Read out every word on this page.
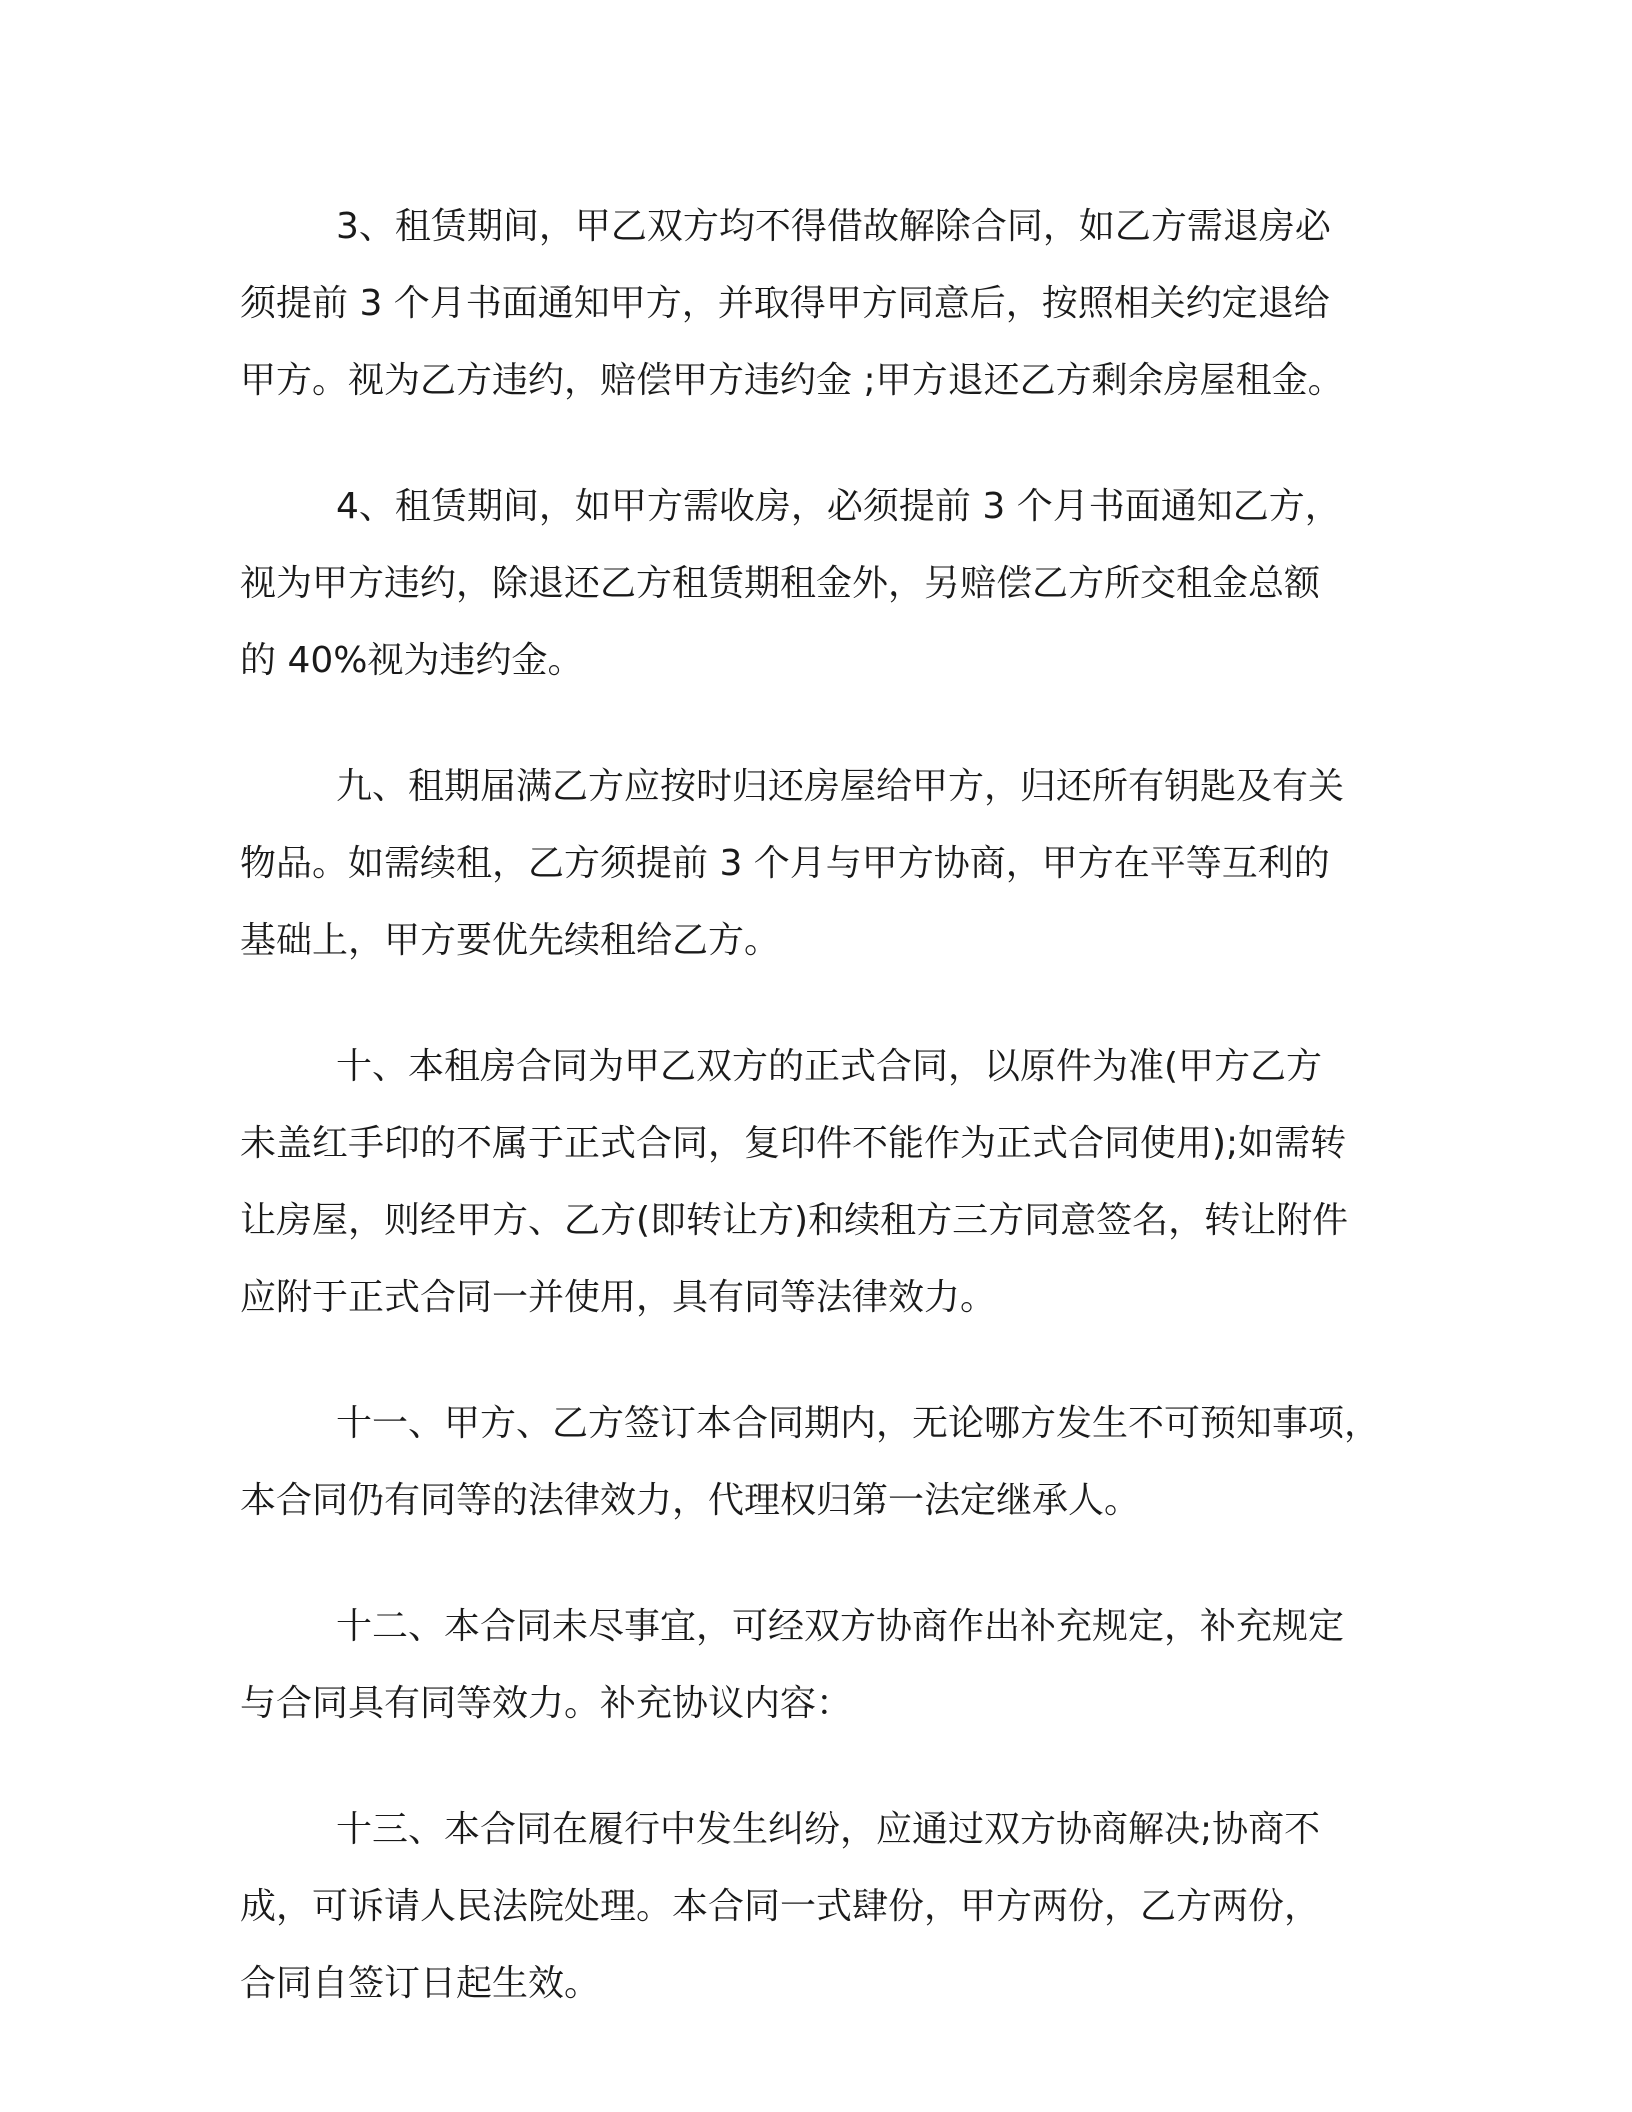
3、租赁期间，甲乙双方均不得借故解除合同，如乙方需退房必
须提前 3 个月书面通知甲方，并取得甲方同意后，按照相关约定退给
甲方。视为乙方违约，赔偿甲方违约金 ;甲方退还乙方剩余房屋租金。

4、租赁期间，如甲方需收房，必须提前 3 个月书面通知乙方，
视为甲方违约，除退还乙方租赁期租金外，另赔偿乙方所交租金总额
的 40%视为违约金。

九、租期届满乙方应按时归还房屋给甲方，归还所有钥匙及有关
物品。如需续租，乙方须提前 3 个月与甲方协商，甲方在平等互利的
基础上，甲方要优先续租给乙方。

十、本租房合同为甲乙双方的正式合同，以原件为准(甲方乙方
未盖红手印的不属于正式合同，复印件不能作为正式合同使用);如需转
让房屋，则经甲方、乙方(即转让方)和续租方三方同意签名，转让附件
应附于正式合同一并使用，具有同等法律效力。

十一、甲方、乙方签订本合同期内，无论哪方发生不可预知事项，
本合同仍有同等的法律效力，代理权归第一法定继承人。

十二、本合同未尽事宜，可经双方协商作出补充规定，补充规定
与合同具有同等效力。补充协议内容：

十三、本合同在履行中发生纠纷，应通过双方协商解决;协商不
成，可诉请人民法院处理。本合同一式肆份，甲方两份，乙方两份，
合同自签订日起生效。
